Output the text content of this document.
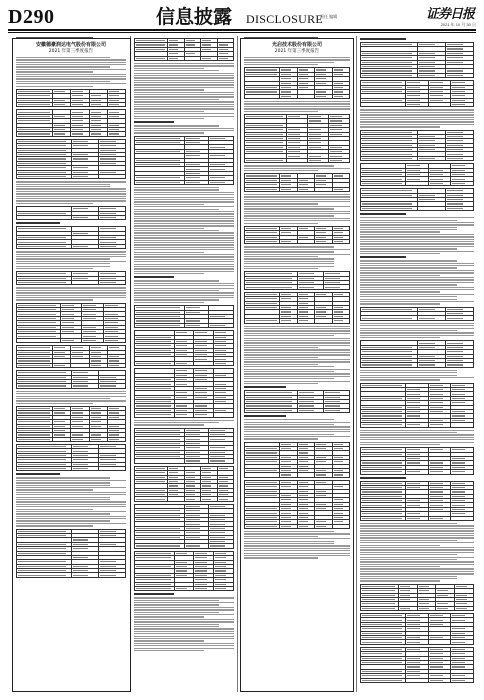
D290	信息披露 DISCLOSURE
责任 编辑	证券日报
2021 年 10 月 30 日
安徽德豪润达电气股份有限公司
2021 年第三季度报告
光启技术股份有限公司
2021 年第三季度报告
